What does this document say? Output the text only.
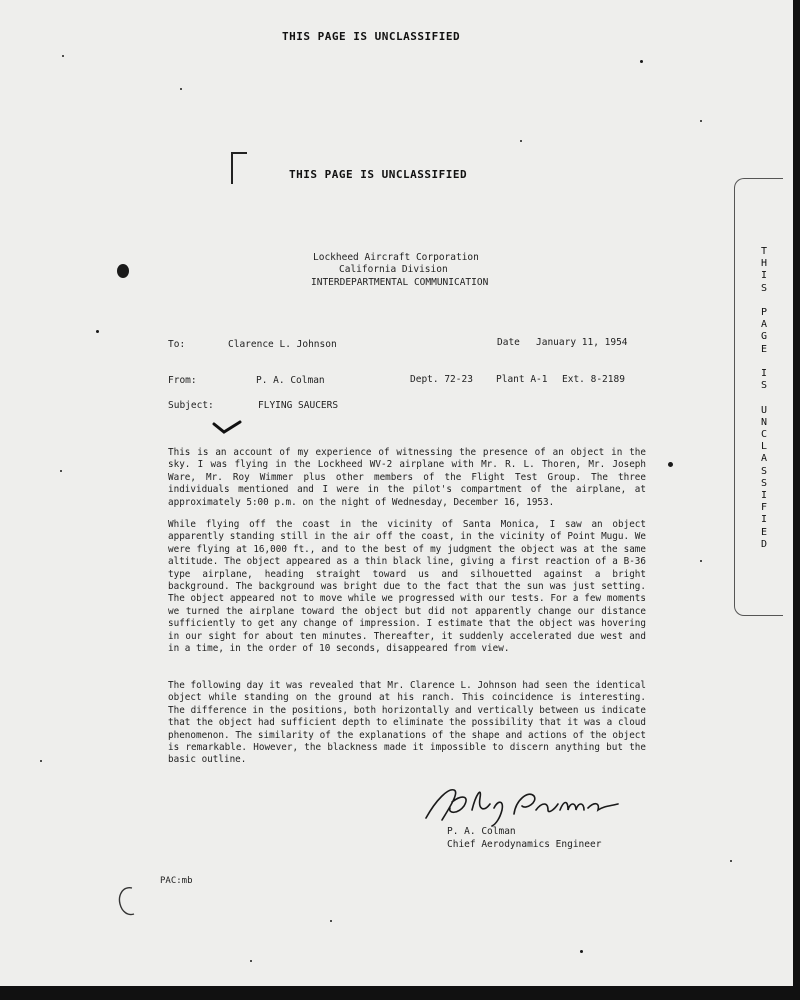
THIS PAGE IS UNCLASSIFIED
THIS PAGE IS UNCLASSIFIED
T
H
I
S

P
A
G
E

I
S

U
N
C
L
A
S
S
I
F
I
E
D
Lockheed Aircraft Corporation
California Division
INTERDEPARTMENTAL COMMUNICATION
To:	Clarence L. Johnson	Date January 11, 1954
From:	P. A. Colman	Dept. 72-23 Plant A-1 Ext. 8-2189
Subject:	FLYING SAUCERS
This is an account of my experience of witnessing the presence of an object in the sky. I was flying in the Lockheed WV-2 airplane with Mr. R. L. Thoren, Mr. Joseph Ware, Mr. Roy Wimmer plus other members of the Flight Test Group. The three individuals mentioned and I were in the pilot's compartment of the airplane, at approximately 5:00 p.m. on the night of Wednesday, December 16, 1953.
While flying off the coast in the vicinity of Santa Monica, I saw an object apparently standing still in the air off the coast, in the vicinity of Point Mugu. We were flying at 16,000 ft., and to the best of my judgment the object was at the same altitude. The object appeared as a thin black line, giving a first reaction of a B-36 type airplane, heading straight toward us and silhouetted against a bright background. The background was bright due to the fact that the sun was just setting. The object appeared not to move while we progressed with our tests. For a few moments we turned the airplane toward the object but did not apparently change our distance sufficiently to get any change of impression. I estimate that the object was hovering in our sight for about ten minutes. Thereafter, it suddenly accelerated due west and in a time, in the order of 10 seconds, disappeared from view.
The following day it was revealed that Mr. Clarence L. Johnson had seen the identical object while standing on the ground at his ranch. This coincidence is interesting. The difference in the positions, both horizontally and vertically between us indicate that the object had sufficient depth to eliminate the possibility that it was a cloud phenomenon. The similarity of the explanations of the shape and actions of the object is remarkable. However, the blackness made it impossible to discern anything but the basic outline.
P. A. Colman
Chief Aerodynamics Engineer
PAC:mb
